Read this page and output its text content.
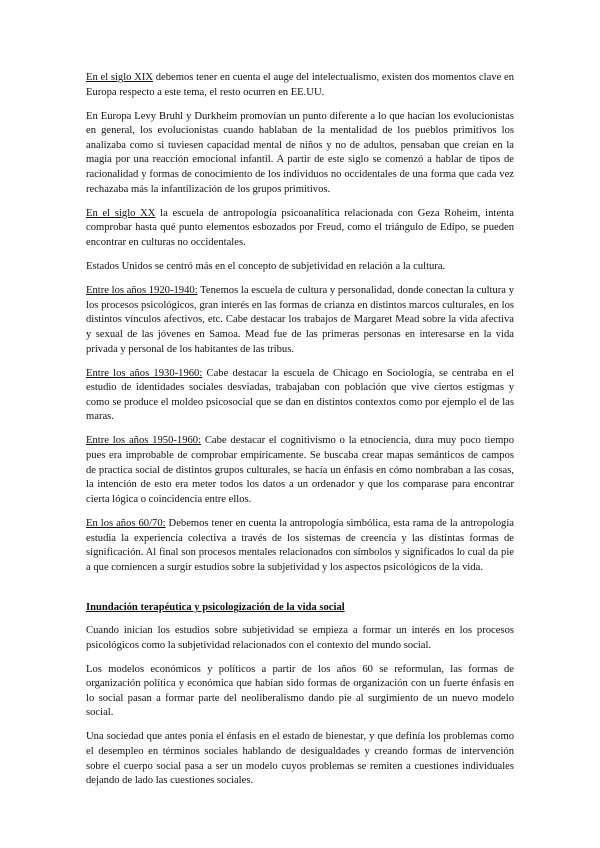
En el siglo XIX debemos tener en cuenta el auge del intelectualismo, existen dos momentos clave en Europa respecto a este tema, el resto ocurren en EE.UU.

En Europa Levy Bruhl y Durkheim promovían un punto diferente a lo que hacían los evolucionistas en general, los evolucionistas cuando hablaban de la mentalidad de los pueblos primitivos los analizaba como si tuviesen capacidad mental de niños y no de adultos, pensaban que creían en la magia por una reacción emocional infantil. A partir de este siglo se comenzó a hablar de tipos de racionalidad y formas de conocimiento de los individuos no occidentales de una forma que cada vez rechazaba más la infantilización de los grupos primitivos.

En el siglo XX la escuela de antropología psicoanalítica relacionada con Geza Roheim, intenta comprobar hasta qué punto elementos esbozados por Freud, como el triángulo de Edipo, se pueden encontrar en culturas no occidentales.

Estados Unidos se centró más en el concepto de subjetividad en relación a la cultura.

Entre los años 1920-1940: Tenemos la escuela de cultura y personalidad, donde conectan la cultura y los procesos psicológicos, gran interés en las formas de crianza en distintos marcos culturales, en los distintos vínculos afectivos, etc. Cabe destacar los trabajos de Margaret Mead sobre la vida afectiva y sexual de las jóvenes en Samoa. Mead fue de las primeras personas en interesarse en la vida privada y personal de los habitantes de las tribus.

Entre los años 1930-1960: Cabe destacar la escuela de Chicago en Sociología, se centraba en el estudio de identidades sociales desviadas, trabajaban con población que vive ciertos estigmas y como se produce el moldeo psicosocial que se dan en distintos contextos como por ejemplo el de las maras.

Entre los años 1950-1960: Cabe destacar el cognitivismo o la etnociencia, dura muy poco tiempo pues era improbable de comprobar empíricamente. Se buscaba crear mapas semánticos de campos de practica social de distintos grupos culturales, se hacía un énfasis en cómo nombraban a las cosas, la intención de esto era meter todos los datos a un ordenador y que los comparase para encontrar cierta lógica o coincidencia entre ellos.

En los años 60/70: Debemos tener en cuenta la antropología simbólica, esta rama de la antropología estudia la experiencia colectiva a través de los sistemas de creencia y las distintas formas de significación. Al final son procesos mentales relacionados con símbolos y significados lo cual da pie a que comiencen a surgir estudios sobre la subjetividad y los aspectos psicológicos de la vida.

Inundación terapéutica y psicologización de la vida social

Cuando inician los estudios sobre subjetividad se empieza a formar un interés en los procesos psicológicos como la subjetividad relacionados con el contexto del mundo social.

Los modelos económicos y políticos a partir de los años 60 se reformulan, las formas de organización política y económica que habían sido formas de organización con un fuerte énfasis en lo social pasan a formar parte del neoliberalismo dando pie al surgimiento de un nuevo modelo social.

Una sociedad que antes ponía el énfasis en el estado de bienestar, y que definía los problemas como el desempleo en términos sociales hablando de desigualdades y creando formas de intervención sobre el cuerpo social pasa a ser un modelo cuyos problemas se remiten a cuestiones individuales dejando de lado las cuestiones sociales.
